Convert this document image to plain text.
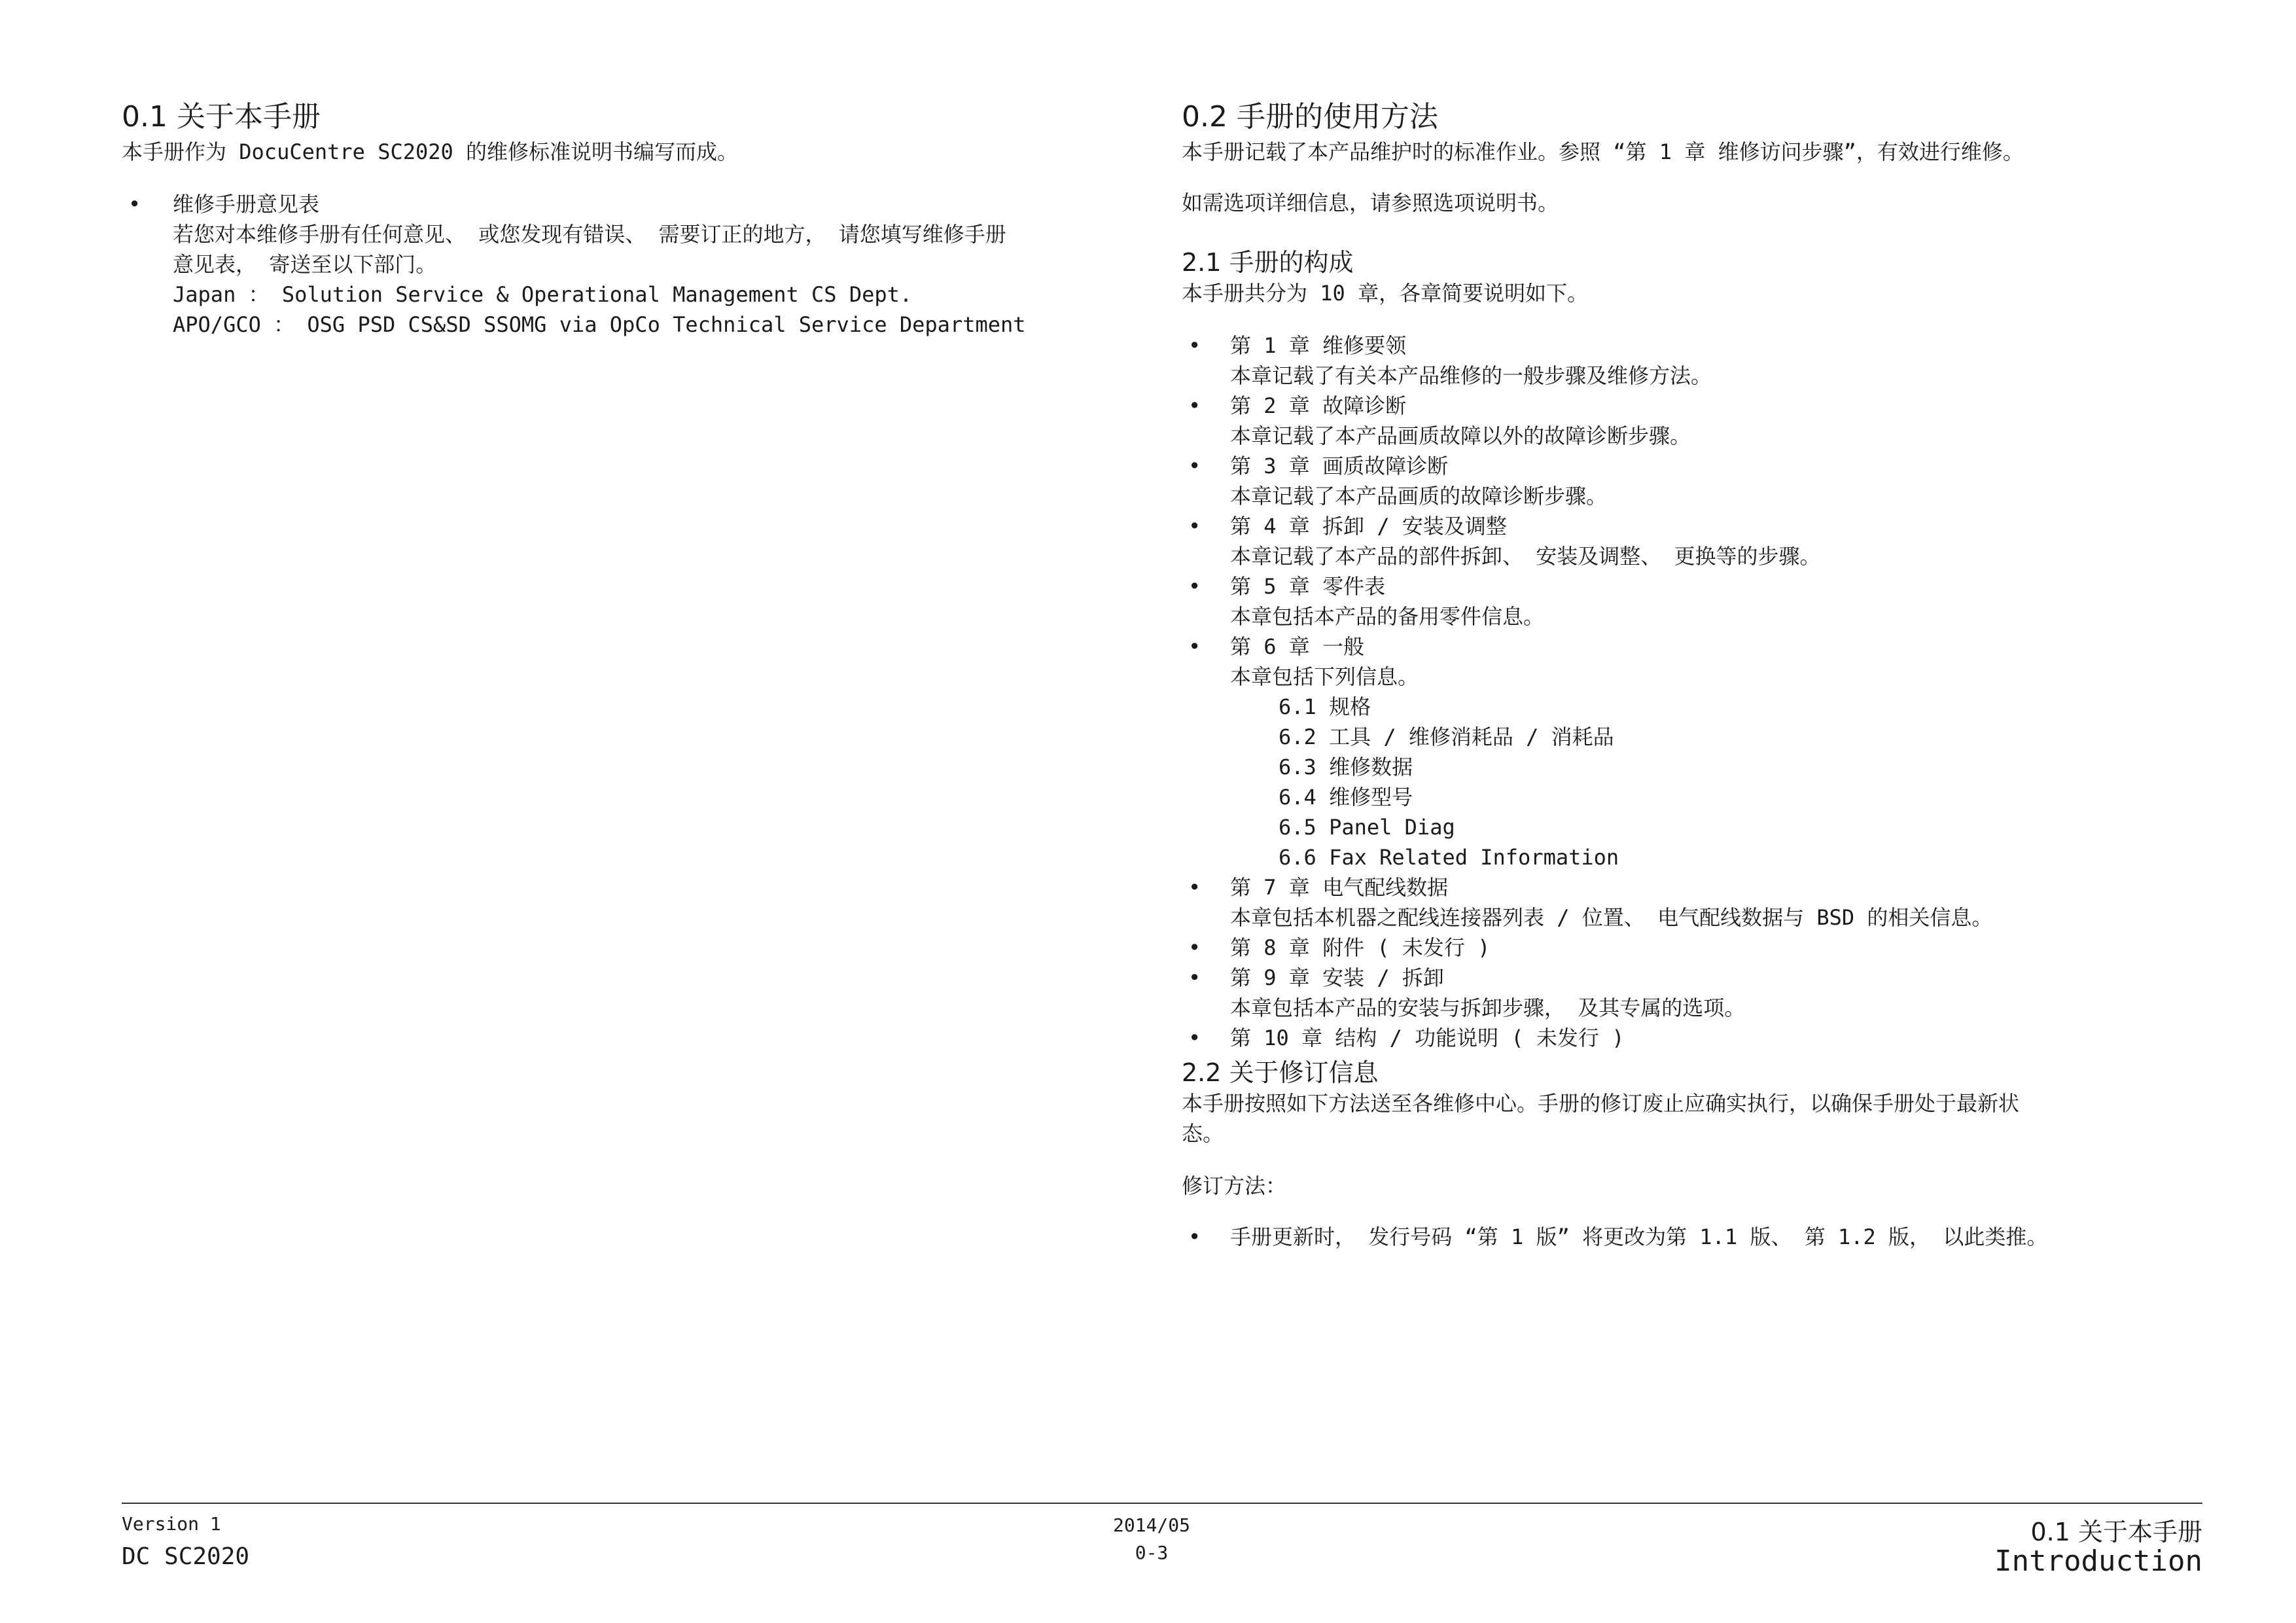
0.1 关于本手册
本手册作为 DocuCentre SC2020 的维修标准说明书编写而成。
• 维修手册意见表
若您对本维修手册有任何意见、 或您发现有错误、 需要订正的地方， 请您填写维修手册
意见表， 寄送至以下部门。
Japan ： Solution Service & Operational Management CS Dept.
APO/GCO ： OSG PSD CS&SD SSOMG via OpCo Technical Service Department
0.2 手册的使用方法
本手册记载了本产品维护时的标准作业。参照 “第 1 章 维修访问步骤”，有效进行维修。
如需选项详细信息，请参照选项说明书。
2.1 手册的构成
本手册共分为 10 章，各章简要说明如下。
• 第 1 章 维修要领
本章记载了有关本产品维修的一般步骤及维修方法。
• 第 2 章 故障诊断
本章记载了本产品画质故障以外的故障诊断步骤。
• 第 3 章 画质故障诊断
本章记载了本产品画质的故障诊断步骤。
• 第 4 章 拆卸 / 安装及调整
本章记载了本产品的部件拆卸、 安装及调整、 更换等的步骤。
• 第 5 章 零件表
本章包括本产品的备用零件信息。
• 第 6 章 一般
本章包括下列信息。
6.1 规格
6.2 工具 / 维修消耗品 / 消耗品
6.3 维修数据
6.4 维修型号
6.5 Panel Diag
6.6 Fax Related Information
• 第 7 章 电气配线数据
本章包括本机器之配线连接器列表 / 位置、 电气配线数据与 BSD 的相关信息。
• 第 8 章 附件 ( 未发行 )
• 第 9 章 安装 / 拆卸
本章包括本产品的安装与拆卸步骤， 及其专属的选项。
• 第 10 章 结构 / 功能说明 ( 未发行 )
2.2 关于修订信息
本手册按照如下方法送至各维修中心。手册的修订废止应确实执行，以确保手册处于最新状
态。
修订方法：
• 手册更新时， 发行号码 “第 1 版” 将更改为第 1.1 版、 第 1.2 版， 以此类推。
Version 1
DC SC2020
2014/05
0-3
0.1 关于本手册
Introduction
